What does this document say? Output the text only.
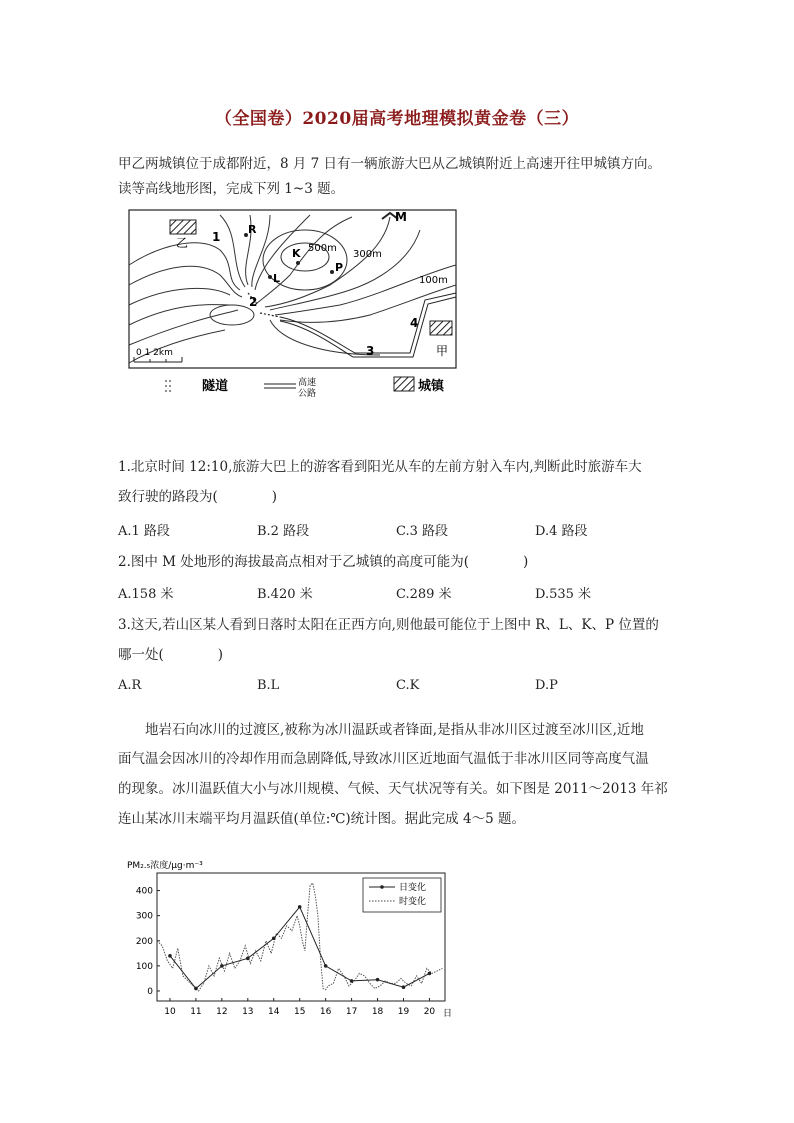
（全国卷）2020届高考地理模拟黄金卷（三）
甲乙两城镇位于成都附近，8 月 7 日有一辆旅游大巴从乙城镇附近上高速开往甲城镇方向。
读等高线地形图，完成下列 1~3 题。
乙
甲
M
R
K
L
P
500m
300m
100m
1
2
3
4
0 1 2km
隧道	高速
公路	城镇
1.北京时间 12:10,旅游大巴上的游客看到阳光从车的左前方射入车内,判断此时旅游车大
致行驶的路段为(　　　　)
A.1 路段	B.2 路段	C.3 路段	D.4 路段
2.图中 M 处地形的海拔最高点相对于乙城镇的高度可能为(　　　　)
A.158 米	B.420 米	C.289 米	D.535 米
3.这天,若山区某人看到日落时太阳在正西方向,则他最可能位于上图中 R、L、K、P 位置的
哪一处(　　　　)
A.R	B.L	C.K	D.P
地岩石向冰川的过渡区,被称为冰川温跃或者锋面,是指从非冰川区过渡至冰川区,近地
面气温会因冰川的冷却作用而急剧降低,导致冰川区近地面气温低于非冰川区同等高度气温
的现象。冰川温跃值大小与冰川规模、气候、天气状况等有关。如下图是 2011～2013 年祁
连山某冰川末端平均月温跃值(单位:℃)统计图。据此完成 4～5 题。
PM₂.₅浓度/μg·m⁻³
0
100
200
300
400
10 11 12 13 14 15 16 17 18 19 20
日变化
时变化
日
